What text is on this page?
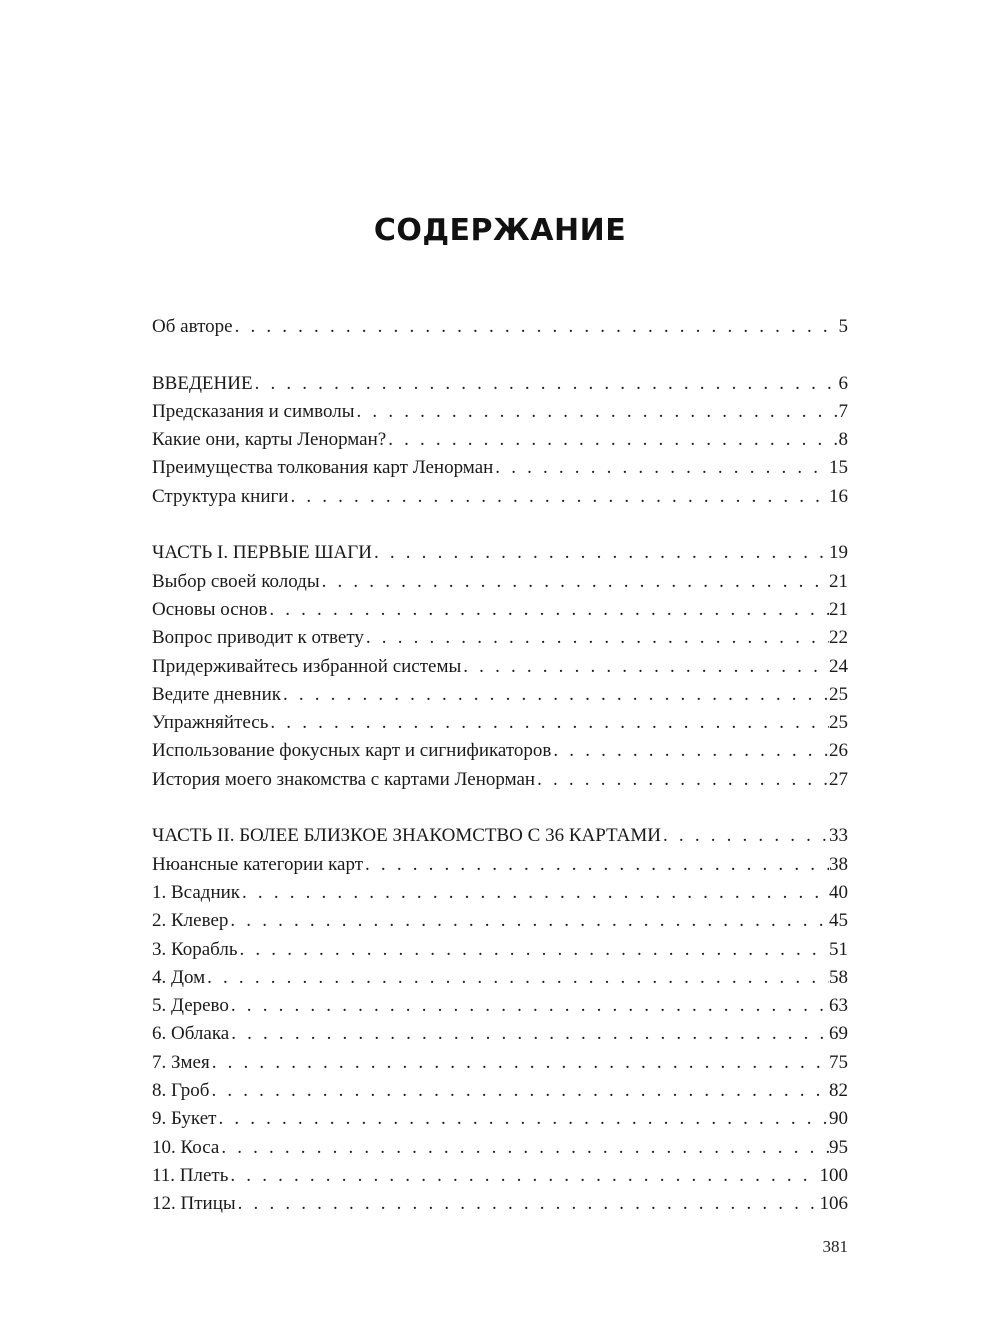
СОДЕРЖАНИЕ
Об авторе . . .	5
ВВЕДЕНИЕ . . .	6
Предсказания и символы . . .	7
Какие они, карты Ленорман? . . .	8
Преимущества толкования карт Ленорман . . .	15
Структура книги . . .	16
ЧАСТЬ I. ПЕРВЫЕ ШАГИ . . .	19
Выбор своей колоды . . .	21
Основы основ . . .	21
Вопрос приводит к ответу . . .	22
Придерживайтесь избранной системы . . .	24
Ведите дневник . . .	25
Упражняйтесь . . .	25
Использование фокусных карт и сигнификаторов . . .	26
История моего знакомства с картами Ленорман . . .	27
ЧАСТЬ II. БОЛЕЕ БЛИЗКОЕ ЗНАКОМСТВО С 36 КАРТАМИ . . .	33
Нюансные категории карт . . .	38
1. Всадник . . .	40
2. Клевер . . .	45
3. Корабль . . .	51
4. Дом . . .	58
5. Дерево . . .	63
6. Облака . . .	69
7. Змея . . .	75
8. Гроб . . .	82
9. Букет . . .	90
10. Коса . . .	95
11. Плеть . . .	100
12. Птицы . . .	106
381
